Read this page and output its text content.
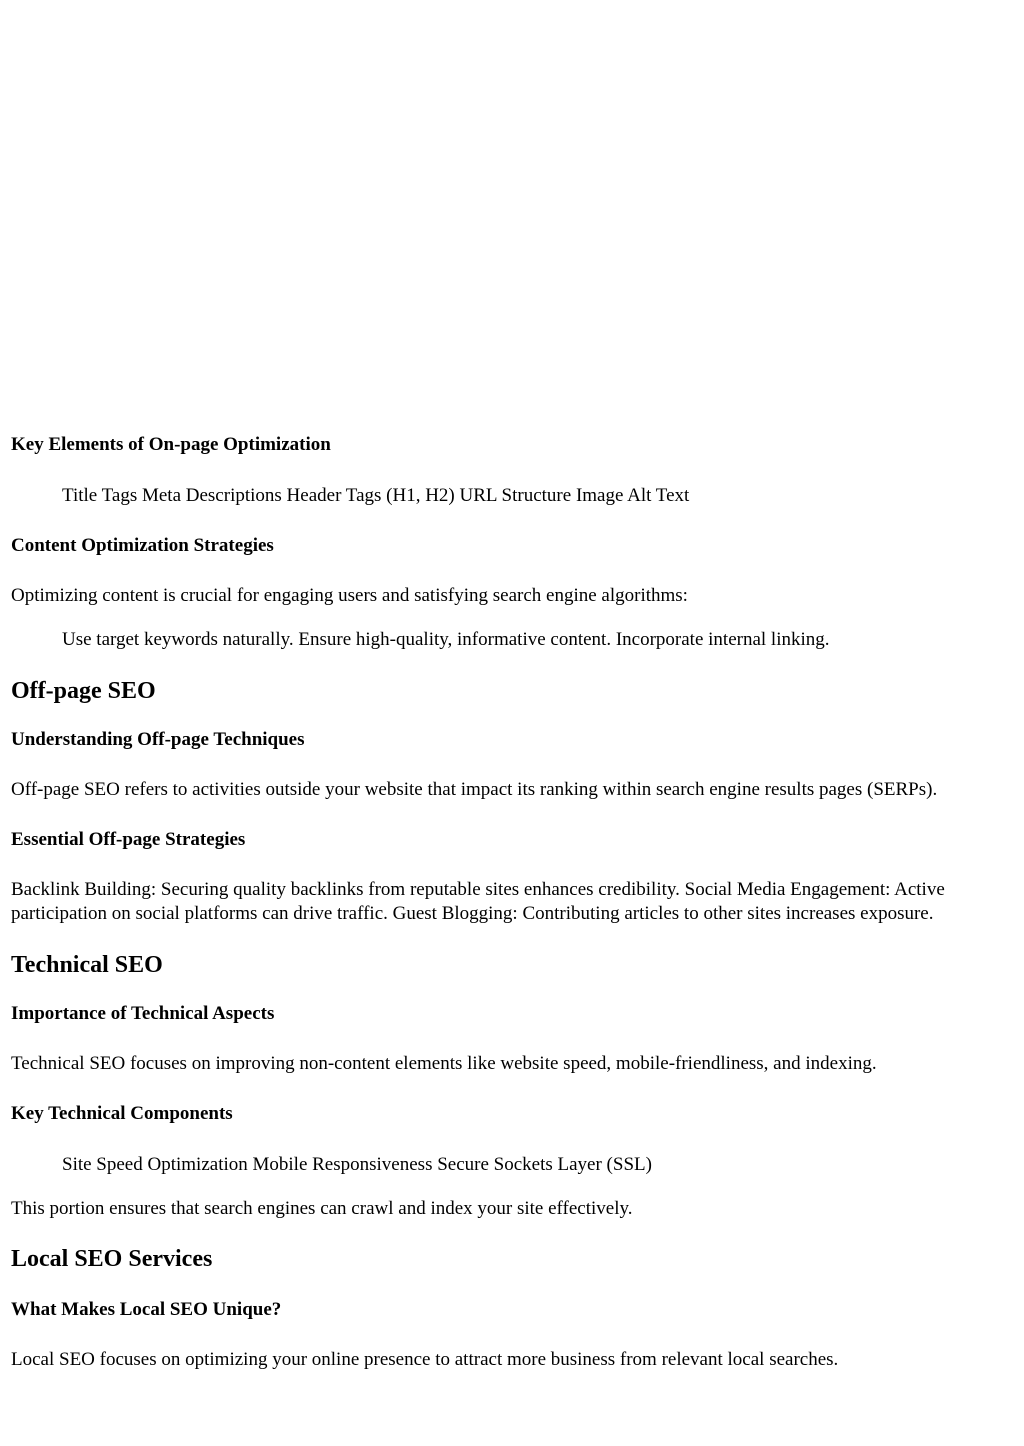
Key Elements of On-page Optimization
Title Tags Meta Descriptions Header Tags (H1, H2) URL Structure Image Alt Text
Content Optimization Strategies

Optimizing content is crucial for engaging users and satisfying search engine algorithms:

Use target keywords naturally. Ensure high-quality, informative content. Incorporate internal linking.
Off-page SEO
Understanding Off-page Techniques

Off-page SEO refers to activities outside your website that impact its ranking within search engine results pages (SERPs).

Essential Off-page Strategies

Backlink Building: Securing quality backlinks from reputable sites enhances credibility. Social Media Engagement: Active participation on social platforms can drive traffic. Guest Blogging: Contributing articles to other sites increases exposure.

Technical SEO
Importance of Technical Aspects

Technical SEO focuses on improving non-content elements like website speed, mobile-friendliness, and indexing.

Key Technical Components
Site Speed Optimization Mobile Responsiveness Secure Sockets Layer (SSL)

This portion ensures that search engines can crawl and index your site effectively.

Local SEO Services
What Makes Local SEO Unique?

Local SEO focuses on optimizing your online presence to attract more business from relevant local searches.
